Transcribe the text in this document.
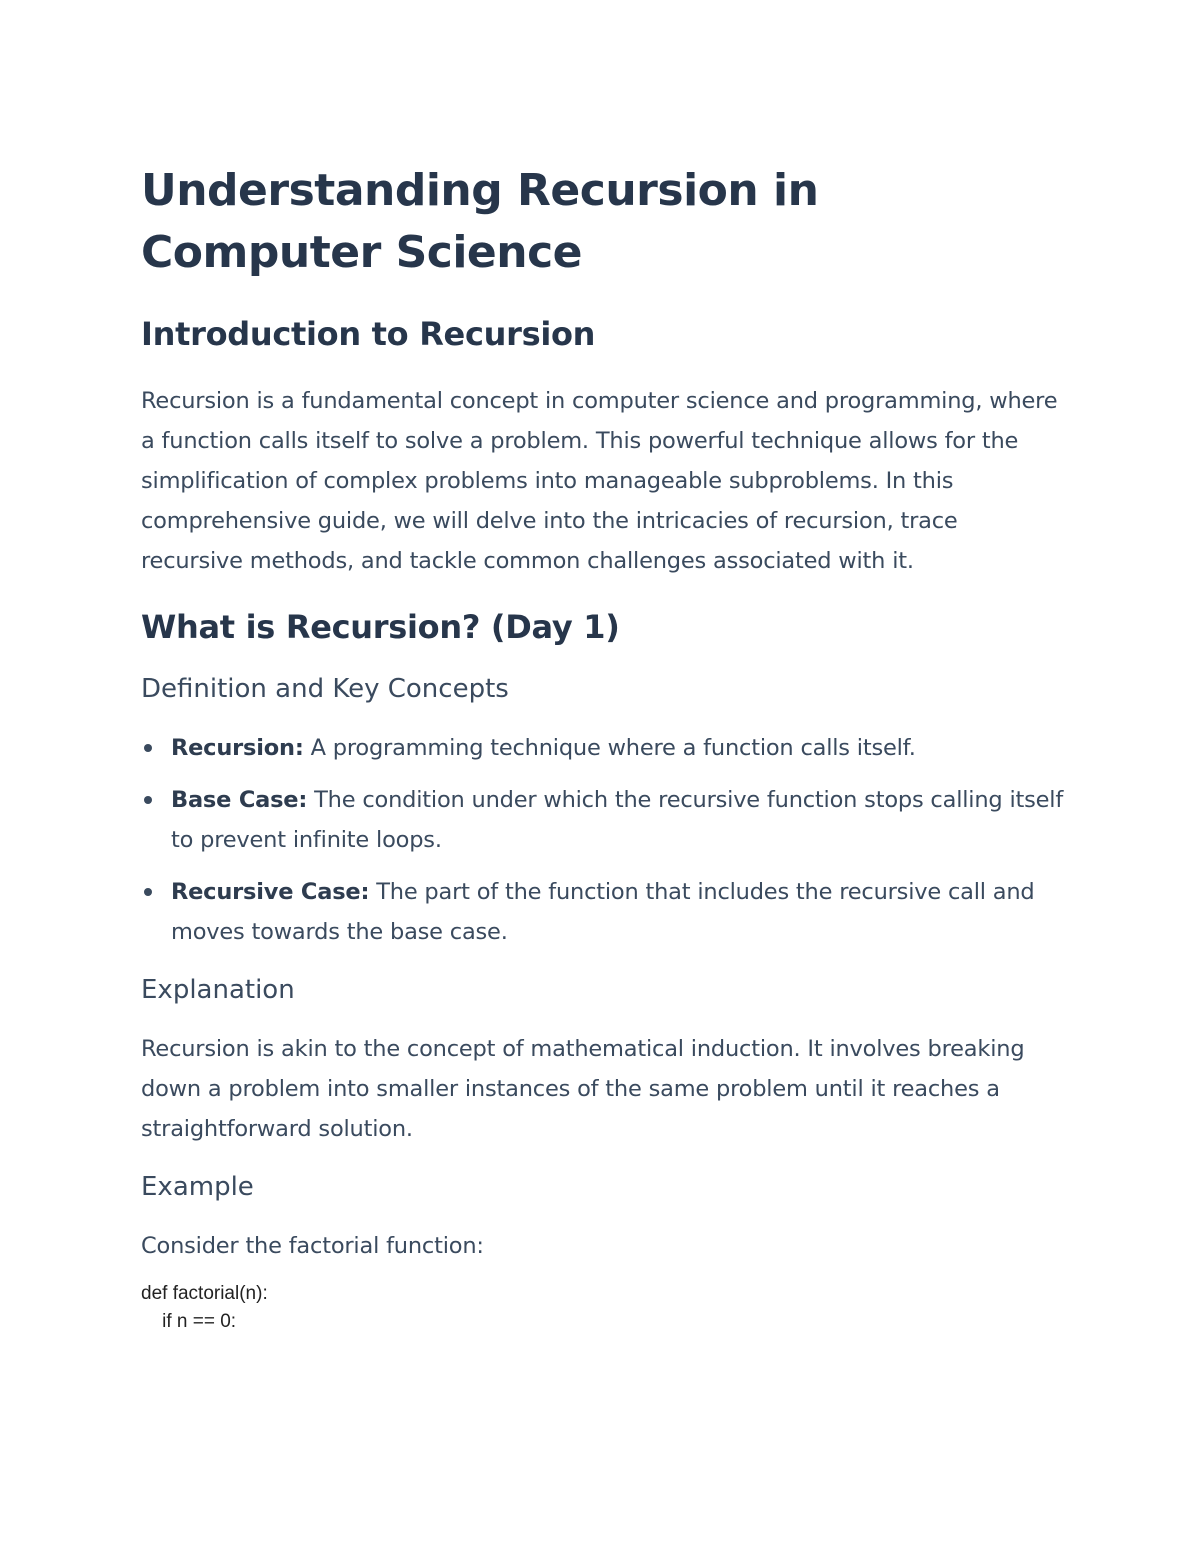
Understanding Recursion in Computer Science
Introduction to Recursion

Recursion is a fundamental concept in computer science and programming, where a function calls itself to solve a problem. This powerful technique allows for the simplification of complex problems into manageable subproblems. In this comprehensive guide, we will delve into the intricacies of recursion, trace recursive methods, and tackle common challenges associated with it.

What is Recursion? (Day 1)
Definition and Key Concepts
Recursion: A programming technique where a function calls itself.
Base Case: The condition under which the recursive function stops calling itself to prevent infinite loops.
Recursive Case: The part of the function that includes the recursive call and moves towards the base case.
Explanation

Recursion is akin to the concept of mathematical induction. It involves breaking down a problem into smaller instances of the same problem until it reaches a straightforward solution.

Example

Consider the factorial function:

def factorial(n):
if n == 0:
